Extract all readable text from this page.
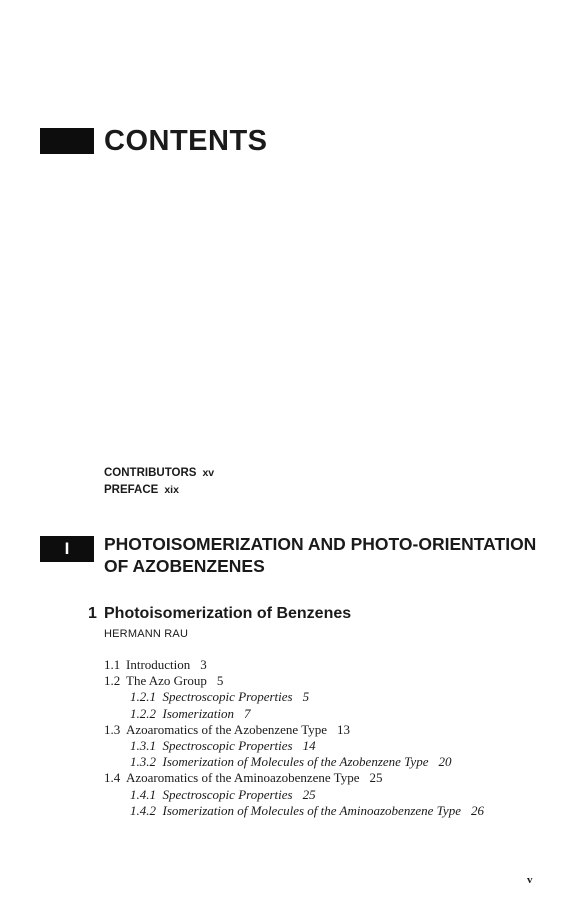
CONTENTS
CONTRIBUTORS xv
PREFACE xix
I	PHOTOISOMERIZATION AND PHOTO-ORIENTATION OF AZOBENZENES
1 Photoisomerization of Benzenes
HERMANN RAU
1.1 Introduction 3
1.2 The Azo Group 5
1.2.1 Spectroscopic Properties 5
1.2.2 Isomerization 7
1.3 Azoaromatics of the Azobenzene Type 13
1.3.1 Spectroscopic Properties 14
1.3.2 Isomerization of Molecules of the Azobenzene Type 20
1.4 Azoaromatics of the Aminoazobenzene Type 25
1.4.1 Spectroscopic Properties 25
1.4.2 Isomerization of Molecules of the Aminoazobenzene Type 26
v
